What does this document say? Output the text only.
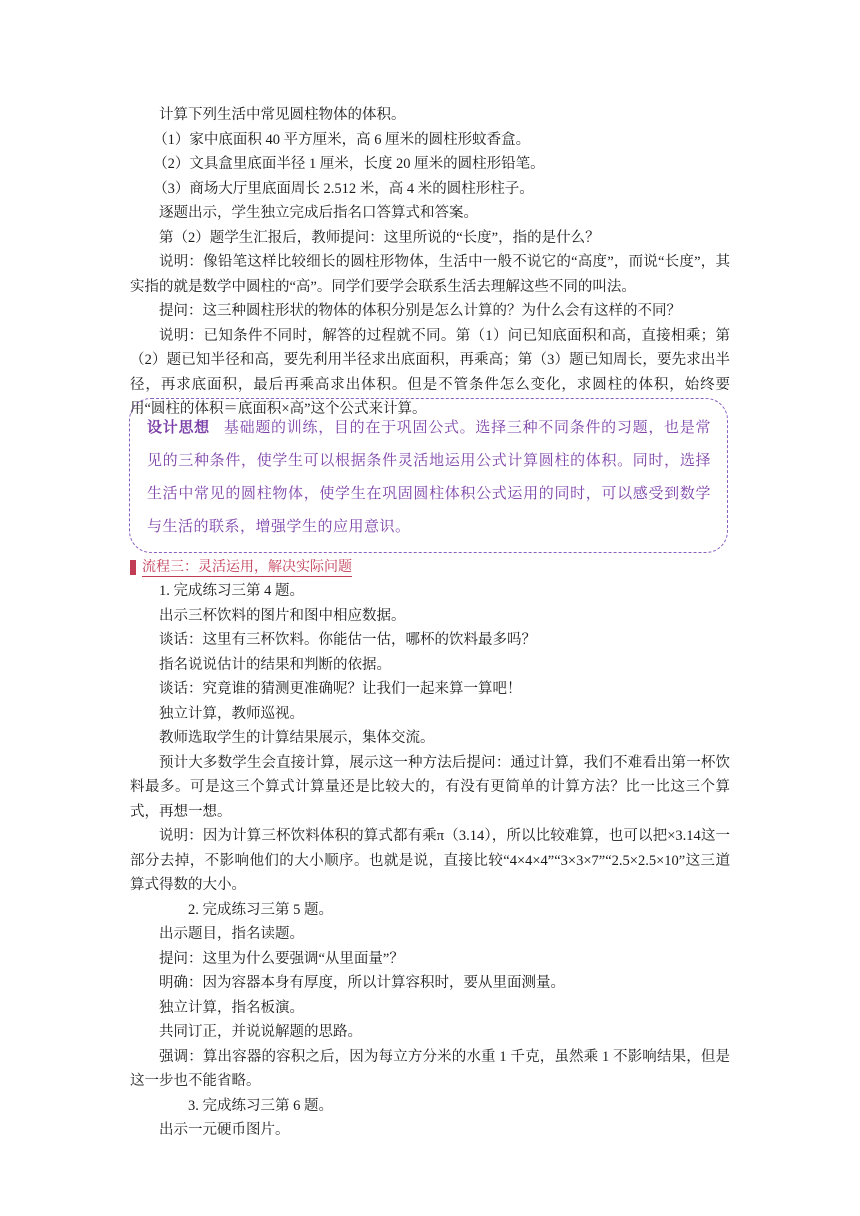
计算下列生活中常见圆柱物体的体积。

（1）家中底面积 40 平方厘米，高 6 厘米的圆柱形蚊香盒。

（2）文具盒里底面半径 1 厘米，长度 20 厘米的圆柱形铅笔。

（3）商场大厅里底面周长 2.512 米，高 4 米的圆柱形柱子。

逐题出示，学生独立完成后指名口答算式和答案。

第（2）题学生汇报后，教师提问：这里所说的“长度”，指的是什么？

说明：像铅笔这样比较细长的圆柱形物体，生活中一般不说它的“高度”，而说“长度”，其实指的就是数学中圆柱的“高”。同学们要学会联系生活去理解这些不同的叫法。

提问：这三种圆柱形状的物体的体积分别是怎么计算的？为什么会有这样的不同？

说明：已知条件不同时，解答的过程就不同。第（1）问已知底面积和高，直接相乘；第（2）题已知半径和高，要先利用半径求出底面积，再乘高；第（3）题已知周长，要先求出半径，再求底面积，最后再乘高求出体积。但是不管条件怎么变化，求圆柱的体积，始终要用“圆柱的体积＝底面积×高”这个公式来计算。

设计思想 基础题的训练，目的在于巩固公式。选择三种不同条件的习题，也是常见的三种条件，使学生可以根据条件灵活地运用公式计算圆柱的体积。同时，选择生活中常见的圆柱物体，使学生在巩固圆柱体积公式运用的同时，可以感受到数学与生活的联系，增强学生的应用意识。

流程三：灵活运用，解决实际问题

1. 完成练习三第 4 题。

出示三杯饮料的图片和图中相应数据。

谈话：这里有三杯饮料。你能估一估，哪杯的饮料最多吗？

指名说说估计的结果和判断的依据。

谈话：究竟谁的猜测更准确呢？让我们一起来算一算吧！

独立计算，教师巡视。

教师选取学生的计算结果展示，集体交流。

预计大多数学生会直接计算，展示这一种方法后提问：通过计算，我们不难看出第一杯饮料最多。可是这三个算式计算量还是比较大的，有没有更简单的计算方法？比一比这三个算式，再想一想。

说明：因为计算三杯饮料体积的算式都有乘π（3.14），所以比较难算，也可以把×3.14这一部分去掉，不影响他们的大小顺序。也就是说，直接比较“4×4×4”“3×3×7”“2.5×2.5×10”这三道算式得数的大小。

2. 完成练习三第 5 题。

出示题目，指名读题。

提问：这里为什么要强调“从里面量”？

明确：因为容器本身有厚度，所以计算容积时，要从里面测量。

独立计算，指名板演。

共同订正，并说说解题的思路。

强调：算出容器的容积之后，因为每立方分米的水重 1 千克，虽然乘 1 不影响结果，但是这一步也不能省略。

3. 完成练习三第 6 题。

出示一元硬币图片。
